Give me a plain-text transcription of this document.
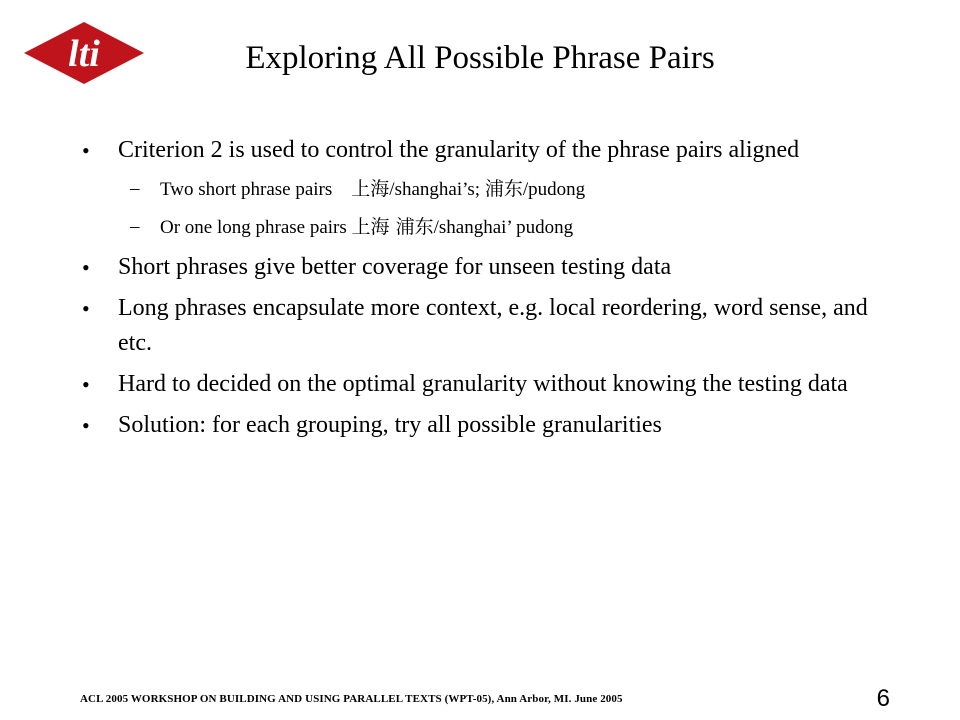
lti	Exploring All Possible Phrase Pairs
• Criterion 2 is used to control the granularity of the phrase pairs aligned
– Two short phrase pairs    上海/shanghai’s; 浦东/pudong
– Or one long phrase pairs 上海 浦东/shanghai’ pudong
• Short phrases give better coverage for unseen testing data
• Long phrases encapsulate more context, e.g. local reordering, word sense, and etc.
• Hard to decided on the optimal granularity without knowing the testing data
• Solution: for each grouping, try all possible granularities
ACL 2005 WORKSHOP ON BUILDING AND USING PARALLEL TEXTS (WPT-05), Ann Arbor, MI. June 2005	6
